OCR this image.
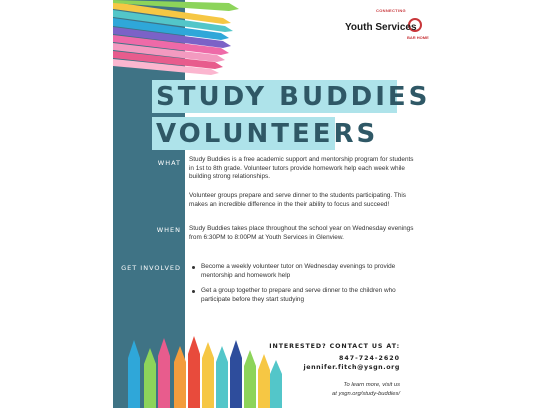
CONNECTING
Youth Services
BAR HOME
STUDY BUDDIES
VOLUNTEERS
WHAT
WHEN
GET INVOLVED
Study Buddies is a free academic support and mentorship program for students in 1st to 8th grade. Volunteer tutors provide homework help each week while building strong relationships.
Volunteer groups prepare and serve dinner to the students participating. This makes an incredible difference in the their ability to focus and succeed!
Study Buddies takes place throughout the school year on Wednesday evenings from 6:30PM to 8:00PM at Youth Services in Glenview.
Become a weekly volunteer tutor on Wednesday evenings to provide mentorship and homework help
Get a group together to prepare and serve dinner to the children who participate before they start studying
INTERESTED? CONTACT US AT:
847-724-2620
jennifer.fitch@ysgn.org
To learn more, visit us
at ysgn.org/study-buddies/
